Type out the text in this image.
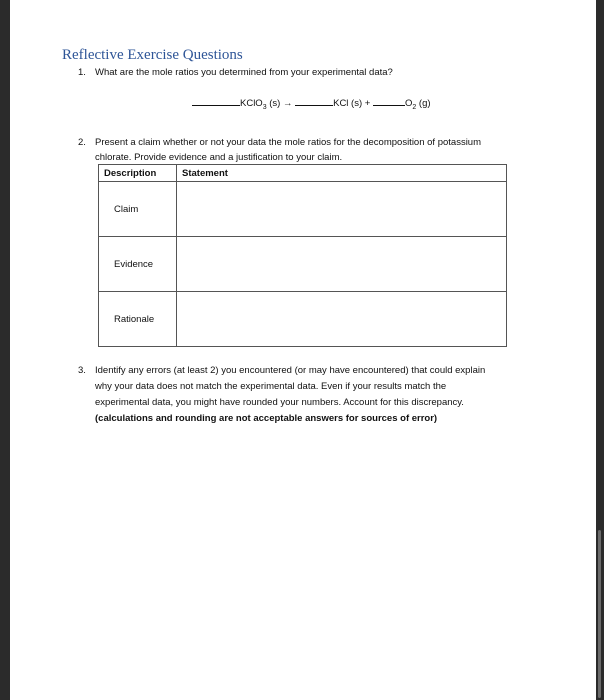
Reflective Exercise Questions
1. What are the mole ratios you determined from your experimental data?
KClO$_3$ (s) →	KCl (s) +	$O_2$ (g)
2. Present a claim whether or not your data the mole ratios for the decomposition of potassium
chlorate. Provide evidence and a justification to your claim.
Description	Statement

Claim	

Evidence	

Rationale	

3. Identify any errors (at least 2) you encountered (or may have encountered) that could explain
why your data does not match the experimental data. Even if your results match the
experimental data, you might have rounded your numbers. Account for this discrepancy.
(calculations and rounding are not acceptable answers for sources of error)
